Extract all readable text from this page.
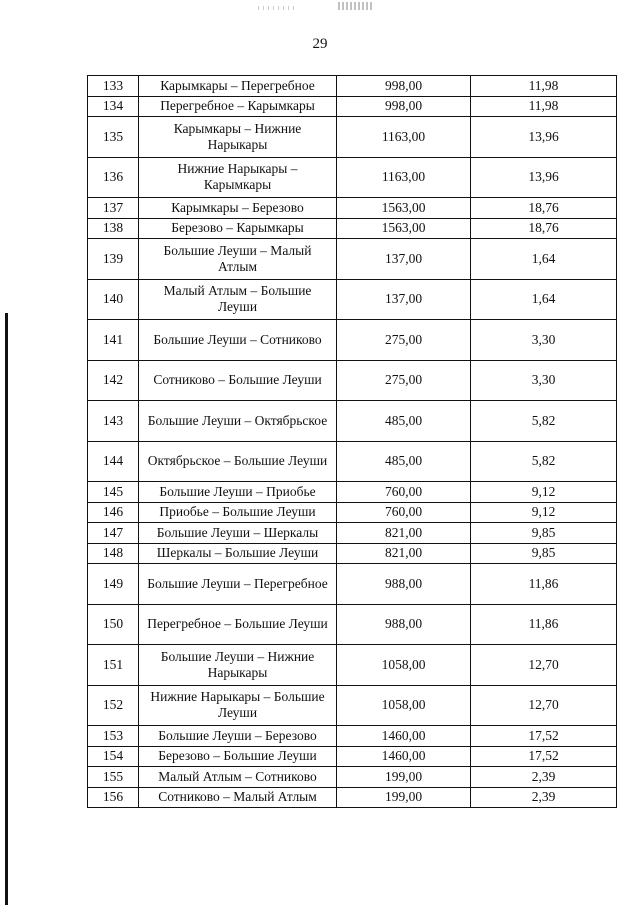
29
133	Карымкары – Перегребное	998,00	11,98
134	Перегребное – Карымкары	998,00	11,98
135	Карымкары – Нижние Нарыкары	1163,00	13,96
136	Нижние Нарыкары – Карымкары	1163,00	13,96
137	Карымкары – Березово	1563,00	18,76
138	Березово – Карымкары	1563,00	18,76
139	Большие Леуши – Малый Атлым	137,00	1,64
140	Малый Атлым – Большие Леуши	137,00	1,64
141	Большие Леуши – Сотниково	275,00	3,30
142	Сотниково – Большие Леуши	275,00	3,30
143	Большие Леуши – Октябрьское	485,00	5,82
144	Октябрьское – Большие Леуши	485,00	5,82
145	Большие Леуши – Приобье	760,00	9,12
146	Приобье – Большие Леуши	760,00	9,12
147	Большие Леуши – Шеркалы	821,00	9,85
148	Шеркалы – Большие Леуши	821,00	9,85
149	Большие Леуши – Перегребное	988,00	11,86
150	Перегребное – Большие Леуши	988,00	11,86
151	Большие Леуши – Нижние Нарыкары	1058,00	12,70
152	Нижние Нарыкары – Большие Леуши	1058,00	12,70
153	Большие Леуши – Березово	1460,00	17,52
154	Березово – Большие Леуши	1460,00	17,52
155	Малый Атлым – Сотниково	199,00	2,39
156	Сотниково – Малый Атлым	199,00	2,39
